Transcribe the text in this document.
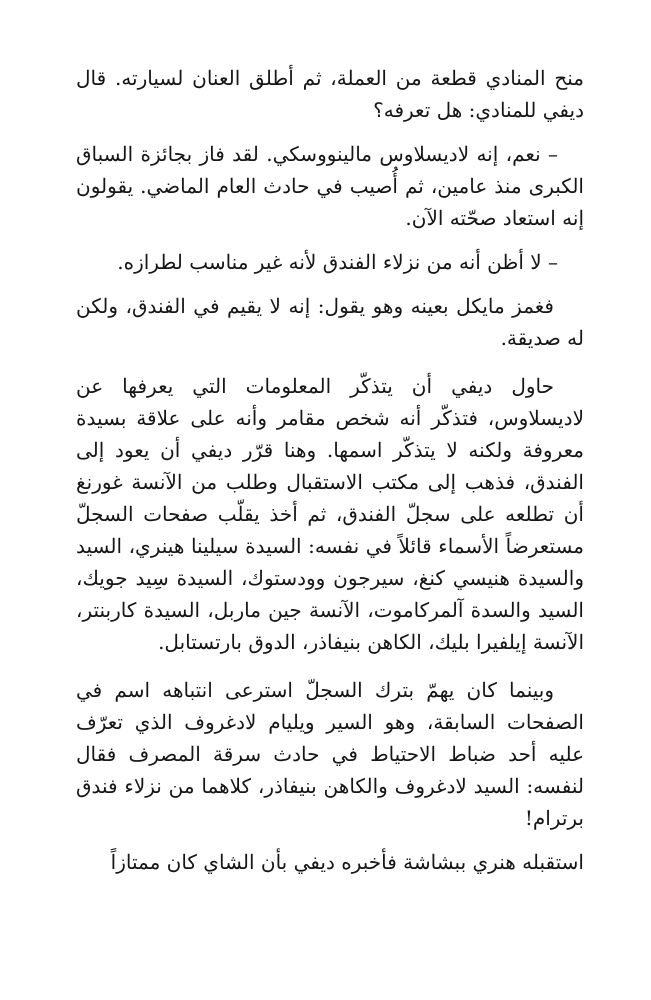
منح المنادي قطعة من العملة، ثم أطلق العنان لسيارته. قال ديفي للمنادي: هل تعرفه؟

– نعم، إنه لاديسلاوس مالينووسكي. لقد فاز بجائزة السباق الكبرى منذ عامين، ثم أُصيب في حادث العام الماضي. يقولون إنه استعاد صحّته الآن.

– لا أظن أنه من نزلاء الفندق لأنه غير مناسب لطرازه.

فغمز مايكل بعينه وهو يقول: إنه لا يقيم في الفندق، ولكن له صديقة.

حاول ديفي أن يتذكّر المعلومات التي يعرفها عن لاديسلاوس، فتذكّر أنه شخص مقامر وأنه على علاقة بسيدة معروفة ولكنه لا يتذكّر اسمها. وهنا قرّر ديفي أن يعود إلى الفندق، فذهب إلى مكتب الاستقبال وطلب من الآنسة غورنغ أن تطلعه على سجلّ الفندق، ثم أخذ يقلّب صفحات السجلّ مستعرضاً الأسماء قائلاً في نفسه: السيدة سيلينا هينري، السيد والسيدة هنيسي كنغ، سيرجون وودستوك، السيدة سِيد جويك، السيد والسدة آلمركاموت، الآنسة جين ماربل، السيدة كاربنتر، الآنسة إيلفيرا بليك، الكاهن بنيفاذر، الدوق بارتستابل.

وبينما كان يهمّ بترك السجلّ استرعى انتباهه اسم في الصفحات السابقة، وهو السير ويليام لادغروف الذي تعرّف عليه أحد ضباط الاحتياط في حادث سرقة المصرف فقال لنفسه: السيد لادغروف والكاهن بنيفاذر، كلاهما من نزلاء فندق برترام!

استقبله هنري ببشاشة فأخبره ديفي بأن الشاي كان ممتازاً
